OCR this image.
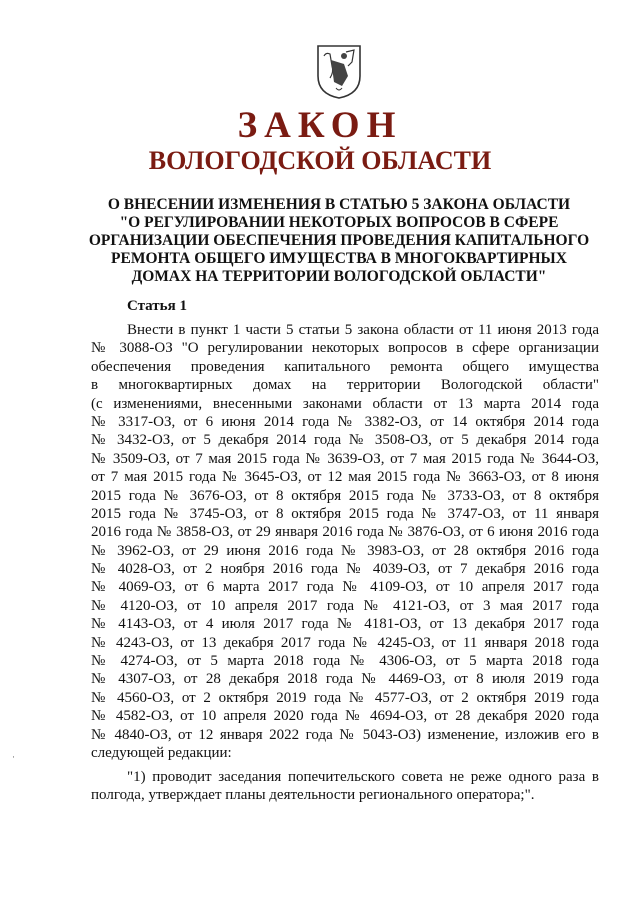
ЗАКОН
ВОЛОГОДСКОЙ ОБЛАСТИ
О ВНЕСЕНИИ ИЗМЕНЕНИЯ В СТАТЬЮ 5 ЗАКОНА ОБЛАСТИ
"О РЕГУЛИРОВАНИИ НЕКОТОРЫХ ВОПРОСОВ В СФЕРЕ
ОРГАНИЗАЦИИ ОБЕСПЕЧЕНИЯ ПРОВЕДЕНИЯ КАПИТАЛЬНОГО
РЕМОНТА ОБЩЕГО ИМУЩЕСТВА В МНОГОКВАРТИРНЫХ
ДОМАХ НА ТЕРРИТОРИИ ВОЛОГОДСКОЙ ОБЛАСТИ"
Статья 1
Внести в пункт 1 части 5 статьи 5 закона области от 11 июня 2013 года
№ 3088-ОЗ "О регулировании некоторых вопросов в сфере организации
обеспечения проведения капитального ремонта общего имущества
в многоквартирных домах на территории Вологодской области"
(с изменениями, внесенными законами области от 13 марта 2014 года
№ 3317-ОЗ, от 6 июня 2014 года № 3382-ОЗ, от 14 октября 2014 года
№ 3432-ОЗ, от 5 декабря 2014 года № 3508-ОЗ, от 5 декабря 2014 года
№ 3509-ОЗ, от 7 мая 2015 года № 3639-ОЗ, от 7 мая 2015 года № 3644-ОЗ,
от 7 мая 2015 года № 3645-ОЗ, от 12 мая 2015 года № 3663-ОЗ, от 8 июня
2015 года № 3676-ОЗ, от 8 октября 2015 года № 3733-ОЗ, от 8 октября
2015 года № 3745-ОЗ, от 8 октября 2015 года № 3747-ОЗ, от 11 января
2016 года № 3858-ОЗ, от 29 января 2016 года № 3876-ОЗ, от 6 июня 2016 года
№ 3962-ОЗ, от 29 июня 2016 года № 3983-ОЗ, от 28 октября 2016 года
№ 4028-ОЗ, от 2 ноября 2016 года № 4039-ОЗ, от 7 декабря 2016 года
№ 4069-ОЗ, от 6 марта 2017 года № 4109-ОЗ, от 10 апреля 2017 года
№ 4120-ОЗ, от 10 апреля 2017 года № 4121-ОЗ, от 3 мая 2017 года
№ 4143-ОЗ, от 4 июля 2017 года № 4181-ОЗ, от 13 декабря 2017 года
№ 4243-ОЗ, от 13 декабря 2017 года № 4245-ОЗ, от 11 января 2018 года
№ 4274-ОЗ, от 5 марта 2018 года № 4306-ОЗ, от 5 марта 2018 года
№ 4307-ОЗ, от 28 декабря 2018 года № 4469-ОЗ, от 8 июля 2019 года
№ 4560-ОЗ, от 2 октября 2019 года № 4577-ОЗ, от 2 октября 2019 года
№ 4582-ОЗ, от 10 апреля 2020 года № 4694-ОЗ, от 28 декабря 2020 года
№ 4840-ОЗ, от 12 января 2022 года № 5043-ОЗ) изменение, изложив его в
следующей редакции:
"1) проводит заседания попечительского совета не реже одного раза в
полгода, утверждает планы деятельности регионального оператора;".
·
